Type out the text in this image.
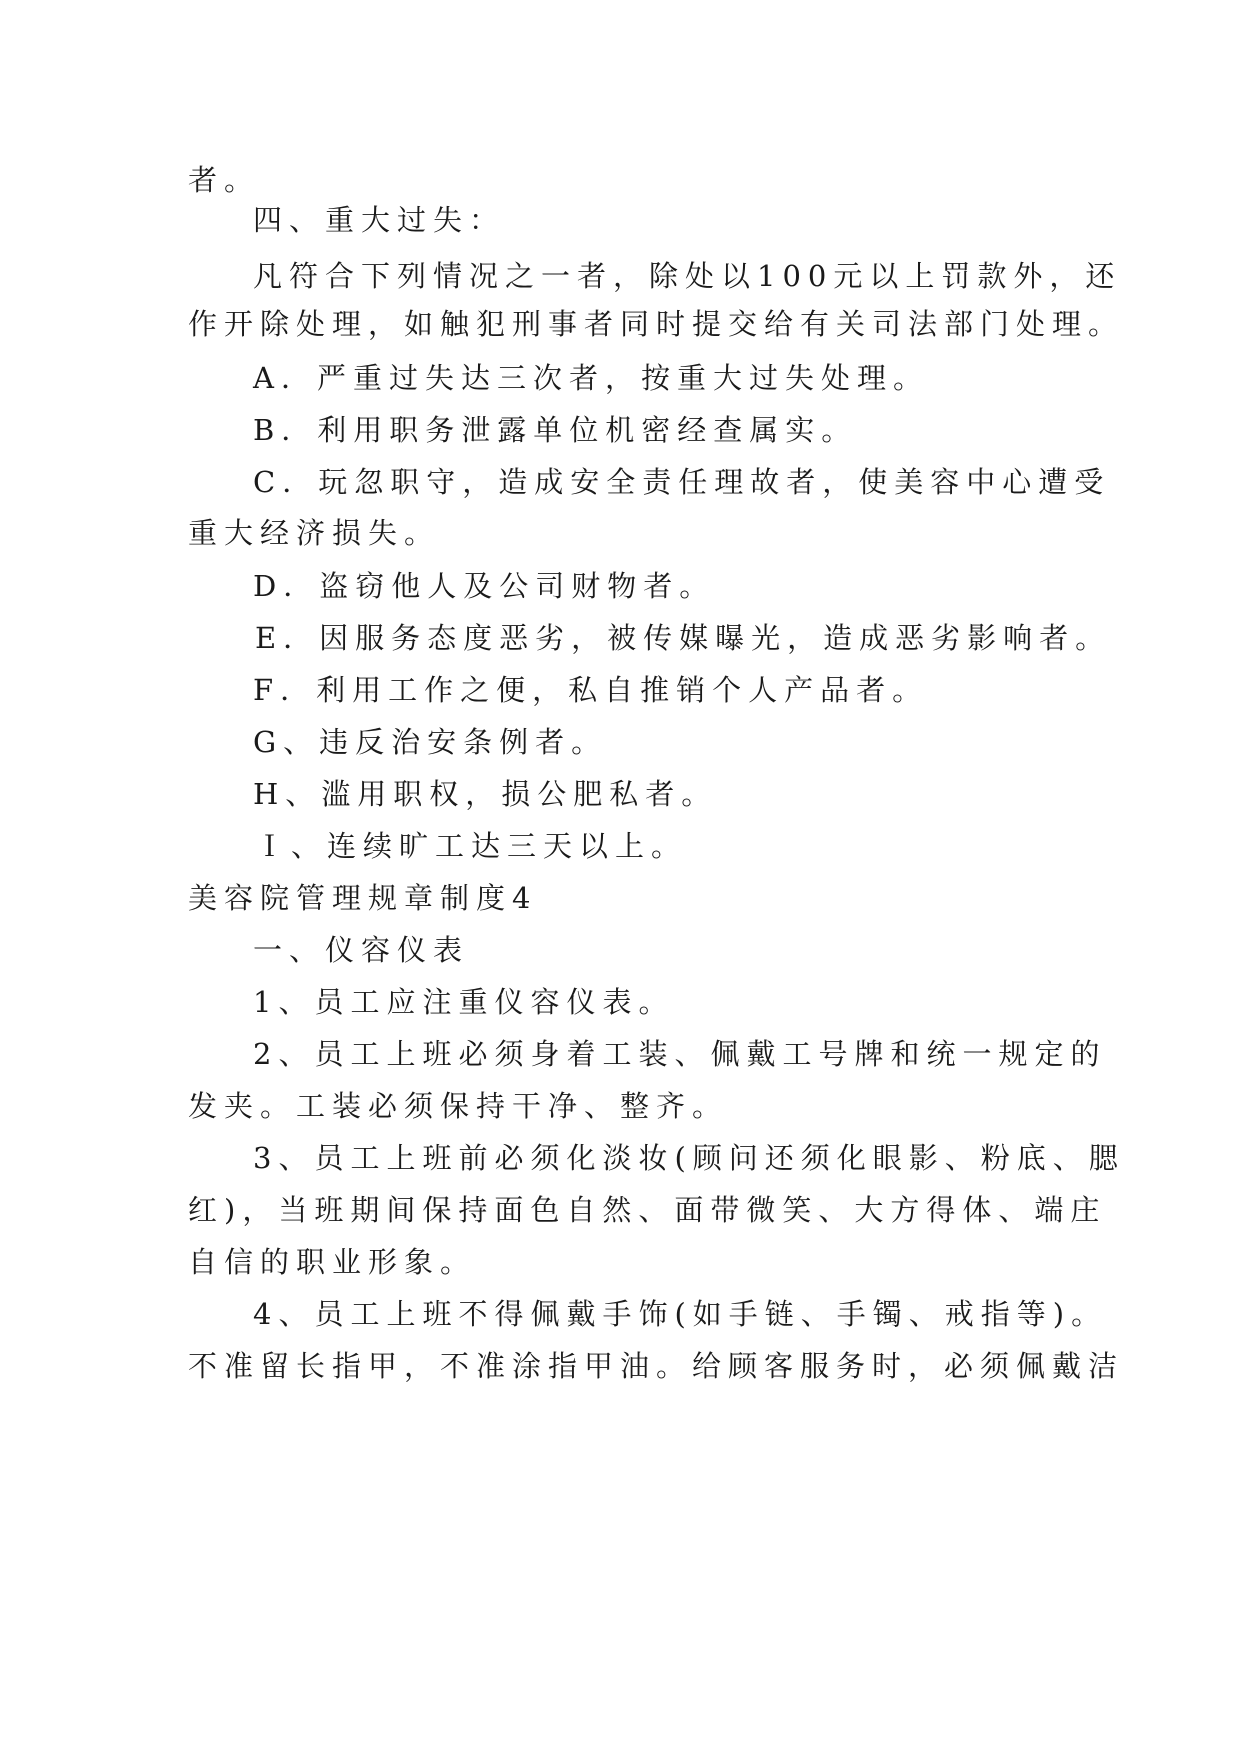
者。
四、重大过失：
凡符合下列情况之一者，除处以100元以上罚款外，还
作开除处理，如触犯刑事者同时提交给有关司法部门处理。
A．严重过失达三次者，按重大过失处理。
B．利用职务泄露单位机密经查属实。
C．玩忽职守，造成安全责任理故者，使美容中心遭受
重大经济损失。
D．盗窃他人及公司财物者。
E．因服务态度恶劣，被传媒曝光，造成恶劣影响者。
F．利用工作之便，私自推销个人产品者。
G、违反治安条例者。
H、滥用职权，损公肥私者。
Ｉ、连续旷工达三天以上。
美容院管理规章制度4
一、仪容仪表
1、员工应注重仪容仪表。
2、员工上班必须身着工装、佩戴工号牌和统一规定的
发夹。工装必须保持干净、整齐。
3、员工上班前必须化淡妆(顾问还须化眼影、粉底、腮
红)，当班期间保持面色自然、面带微笑、大方得体、端庄
自信的职业形象。
4、员工上班不得佩戴手饰(如手链、手镯、戒指等)。
不准留长指甲，不准涂指甲油。给顾客服务时，必须佩戴洁
